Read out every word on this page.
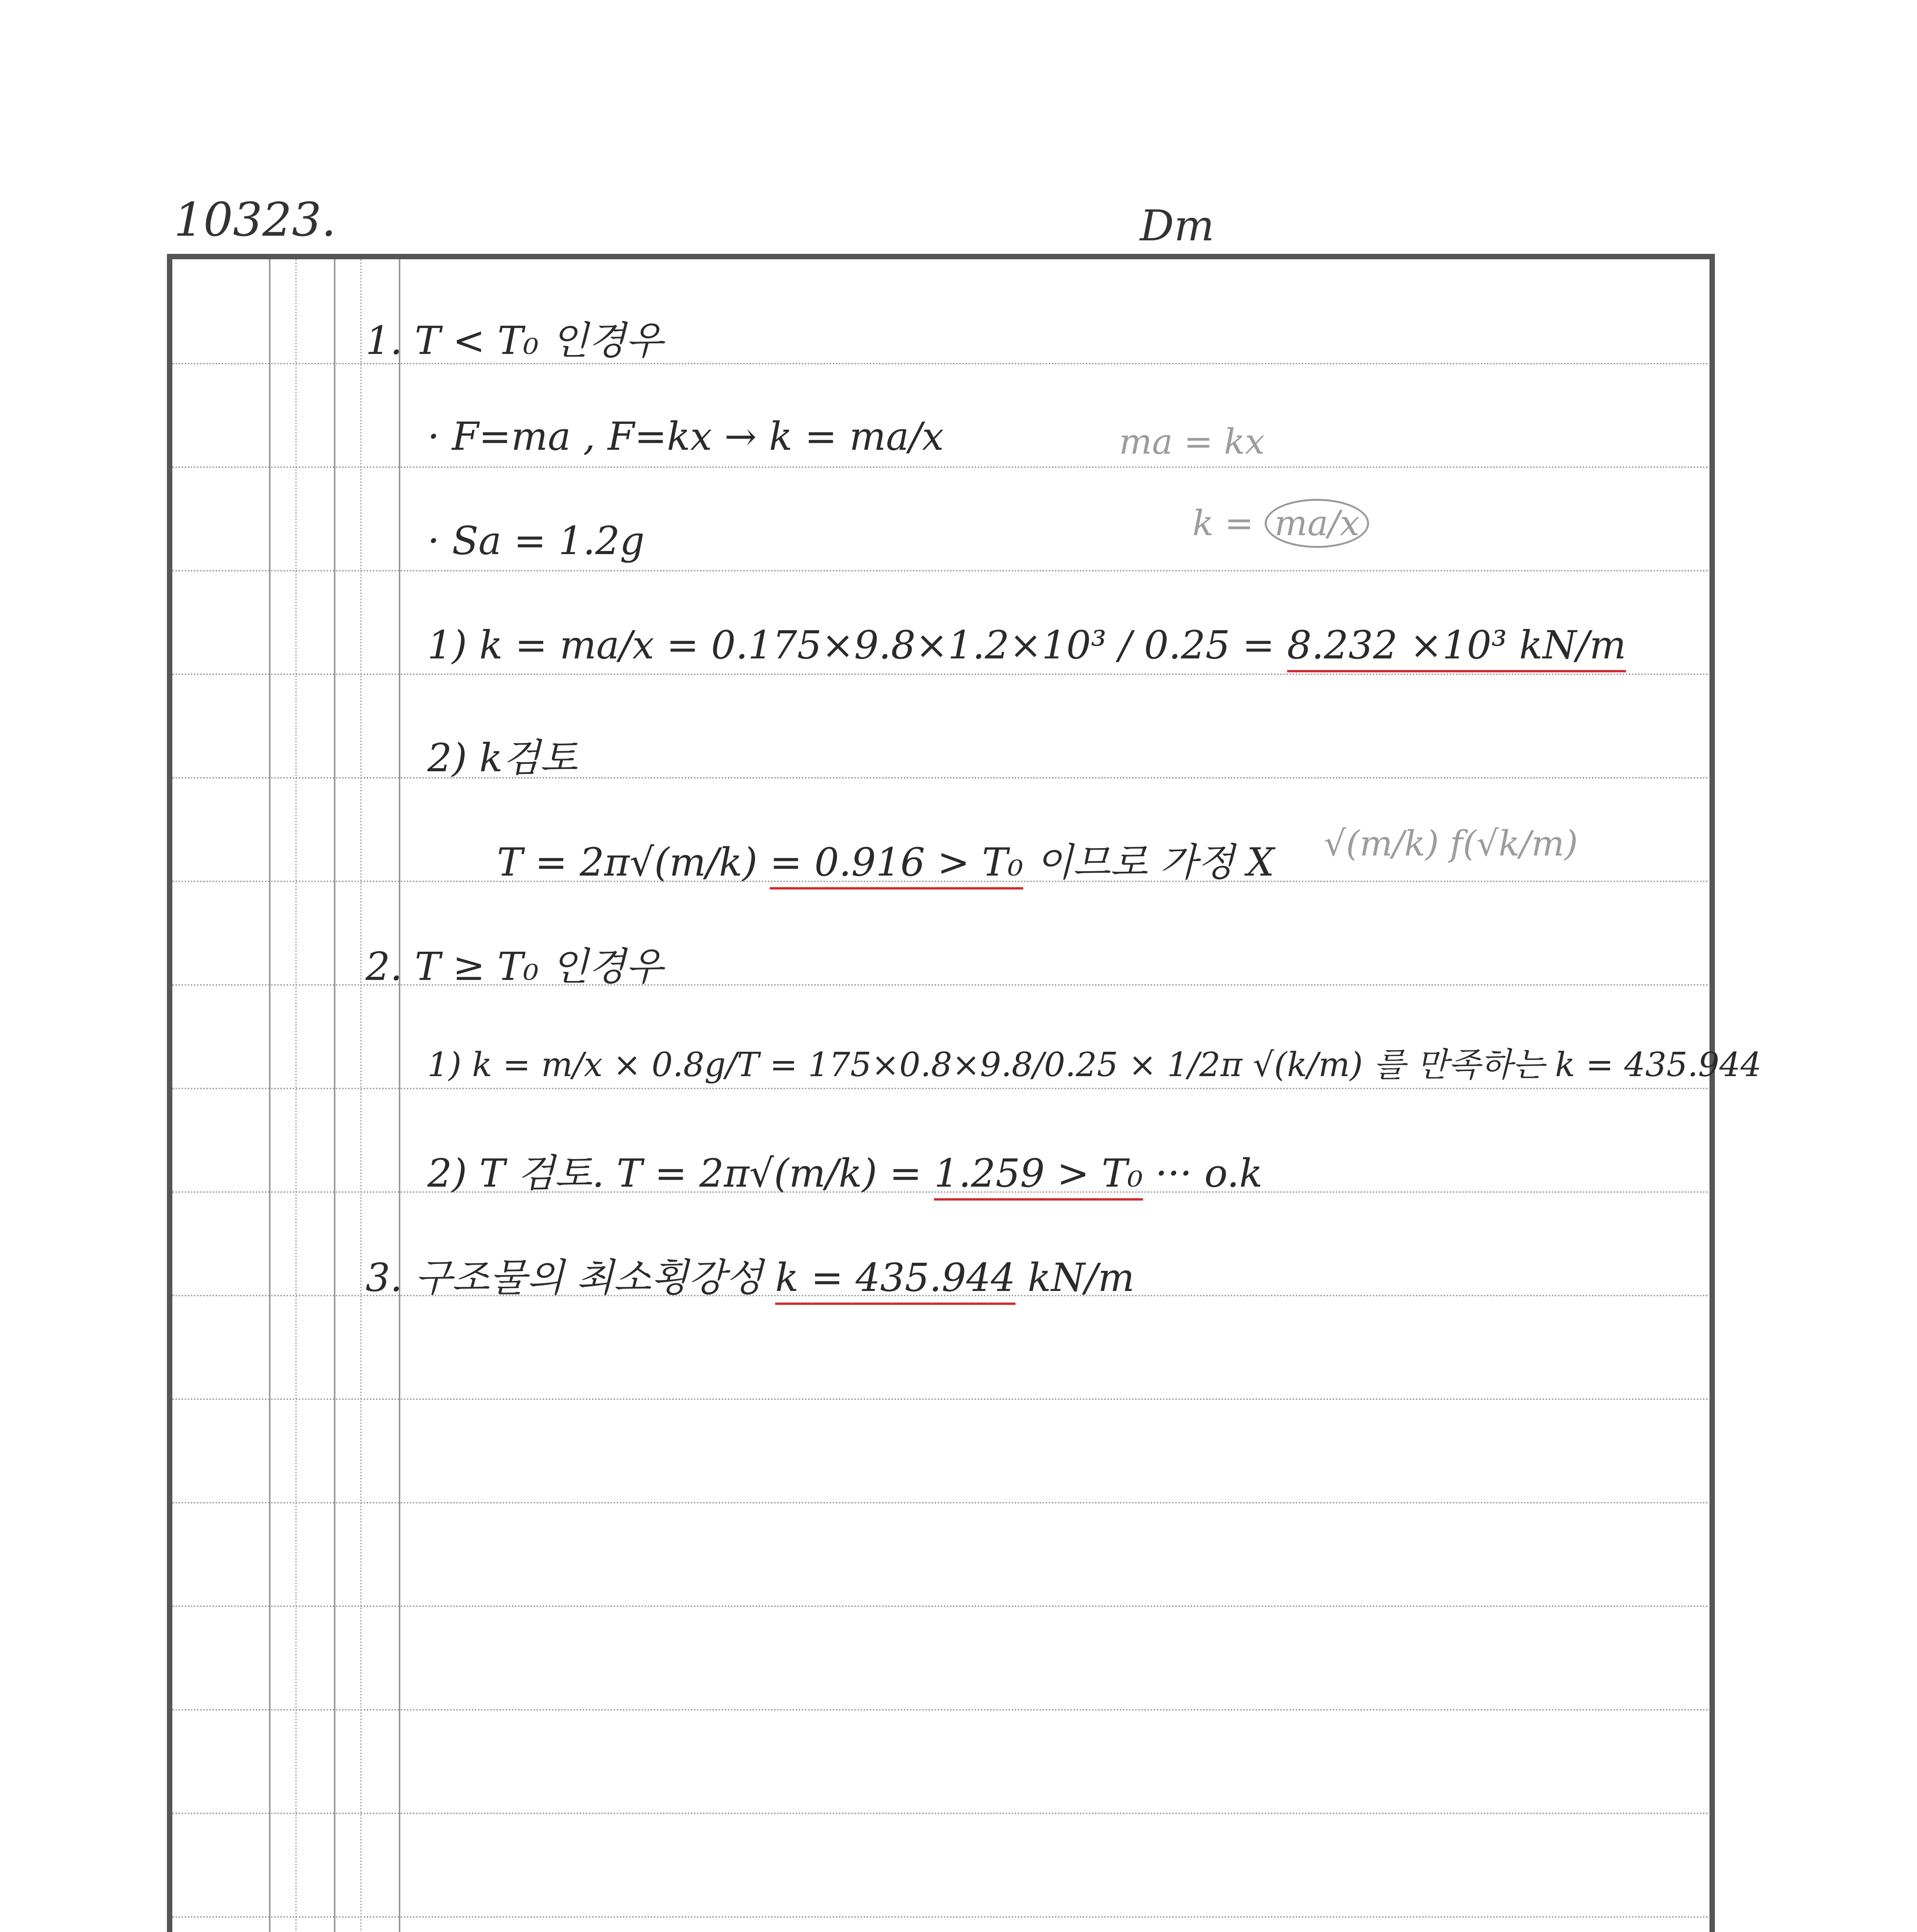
10323.	Dm
1. T < T₀ 인경우
· F=ma , F=kx → k = ma/x	ma = kx
· Sa = 1.2g	k = ma/x
1) k = ma/x = 0.175×9.8×1.2×10³ / 0.25 = 8.232 ×10³ kN/m
2) k검토
T = 2π√(m/k) = 0.916 > T₀ 이므로 가정 X √(m/k) f(√k/m)
2. T ≥ T₀ 인경우
1) k = m/x × 0.8g/T = 175×0.8×9.8/0.25 × 1/2π √(k/m) 를 만족하는 k = 435.944
2) T 검토. T = 2π√(m/k) = 1.259 > T₀ ··· o.k
3. 구조물의 최소횡강성 k = 435.944 kN/m
